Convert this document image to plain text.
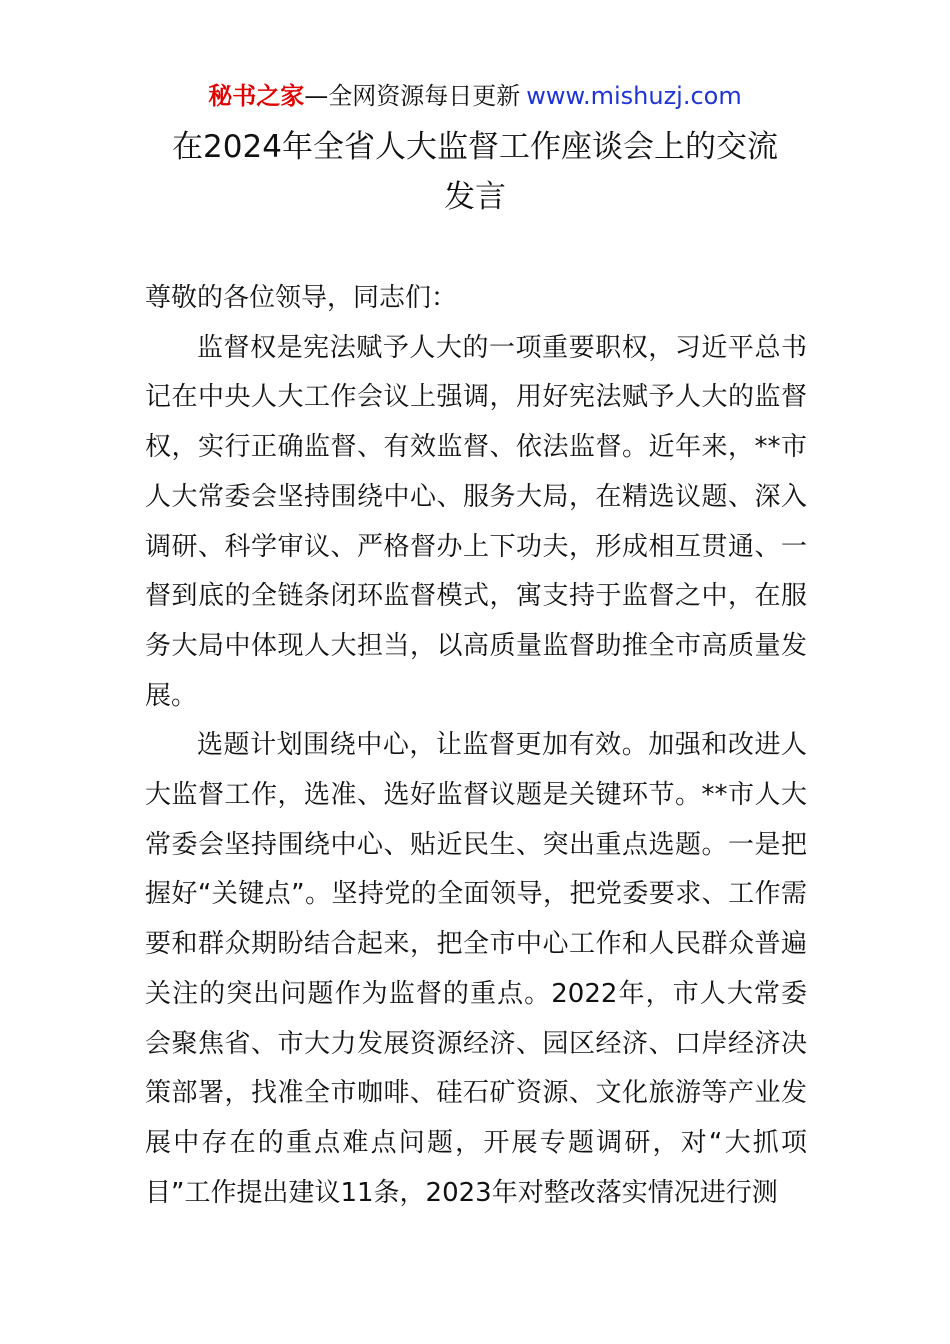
秘书之家—全网资源每日更新 www.mishuzj.com
在2024年全省人大监督工作座谈会上的交流
发言

尊敬的各位领导，同志们：

监督权是宪法赋予人大的一项重要职权，习近平总书记在中央人大工作会议上强调，用好宪法赋予人大的监督权，实行正确监督、有效监督、依法监督。近年来，**市人大常委会坚持围绕中心、服务大局，在精选议题、深入调研、科学审议、严格督办上下功夫，形成相互贯通、一督到底的全链条闭环监督模式，寓支持于监督之中，在服务大局中体现人大担当，以高质量监督助推全市高质量发展。

选题计划围绕中心，让监督更加有效。加强和改进人大监督工作，选准、选好监督议题是关键环节。**市人大常委会坚持围绕中心、贴近民生、突出重点选题。一是把握好“关键点”。坚持党的全面领导，把党委要求、工作需要和群众期盼结合起来，把全市中心工作和人民群众普遍关注的突出问题作为监督的重点。2022年，市人大常委会聚焦省、市大力发展资源经济、园区经济、口岸经济决策部署，找准全市咖啡、硅石矿资源、文化旅游等产业发展中存在的重点难点问题，开展专题调研，对“大抓项目”工作提出建议11条，2023年对整改落实情况进行测
